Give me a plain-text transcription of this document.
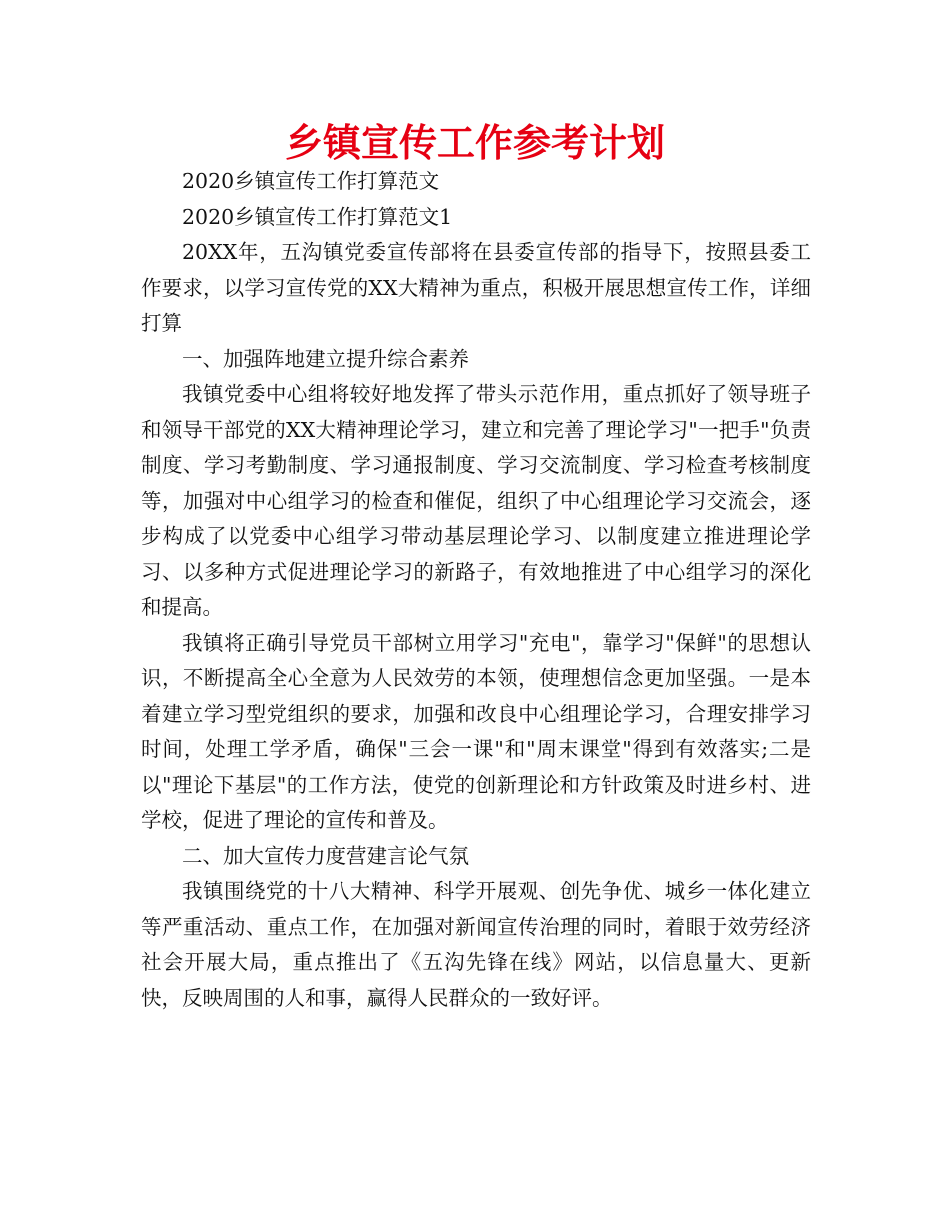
乡镇宣传工作参考计划

2020乡镇宣传工作打算范文

2020乡镇宣传工作打算范文1

20XX年，五沟镇党委宣传部将在县委宣传部的指导下，按照县委工作要求，以学习宣传党的XX大精神为重点，积极开展思想宣传工作，详细打算

一、加强阵地建立提升综合素养

我镇党委中心组将较好地发挥了带头示范作用，重点抓好了领导班子和领导干部党的XX大精神理论学习，建立和完善了理论学习"一把手"负责制度、学习考勤制度、学习通报制度、学习交流制度、学习检查考核制度等，加强对中心组学习的检查和催促，组织了中心组理论学习交流会，逐步构成了以党委中心组学习带动基层理论学习、以制度建立推进理论学习、以多种方式促进理论学习的新路子，有效地推进了中心组学习的深化和提高。

我镇将正确引导党员干部树立用学习"充电"，靠学习"保鲜"的思想认识，不断提高全心全意为人民效劳的本领，使理想信念更加坚强。一是本着建立学习型党组织的要求，加强和改良中心组理论学习，合理安排学习时间，处理工学矛盾，确保"三会一课"和"周末课堂"得到有效落实;二是以"理论下基层"的工作方法，使党的创新理论和方针政策及时进乡村、进学校，促进了理论的宣传和普及。

二、加大宣传力度营建言论气氛

我镇围绕党的十八大精神、科学开展观、创先争优、城乡一体化建立等严重活动、重点工作，在加强对新闻宣传治理的同时，着眼于效劳经济社会开展大局，重点推出了《五沟先锋在线》网站，以信息量大、更新快，反映周围的人和事，赢得人民群众的一致好评。
